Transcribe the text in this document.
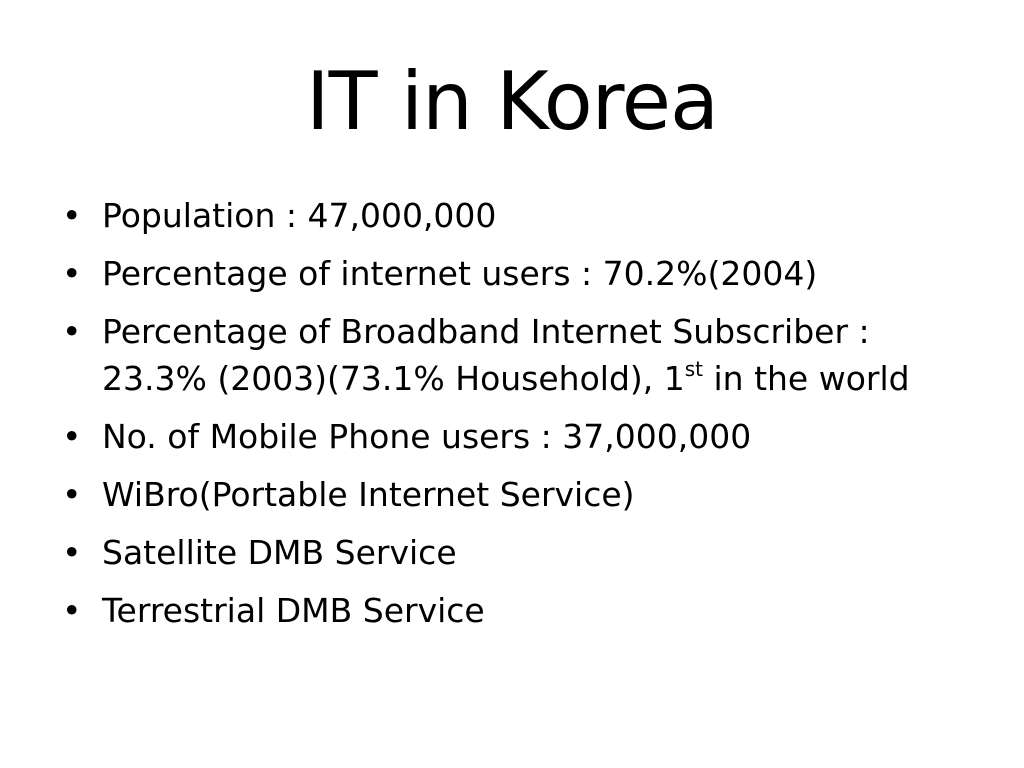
IT in Korea
• Population : 47,000,000
• Percentage of internet users : 70.2%(2004)
• Percentage of Broadband Internet Subscriber : 23.3% (2003)(73.1% Household), 1st in the world
• No. of Mobile Phone users : 37,000,000
• WiBro(Portable Internet Service)
• Satellite DMB Service
• Terrestrial DMB Service
